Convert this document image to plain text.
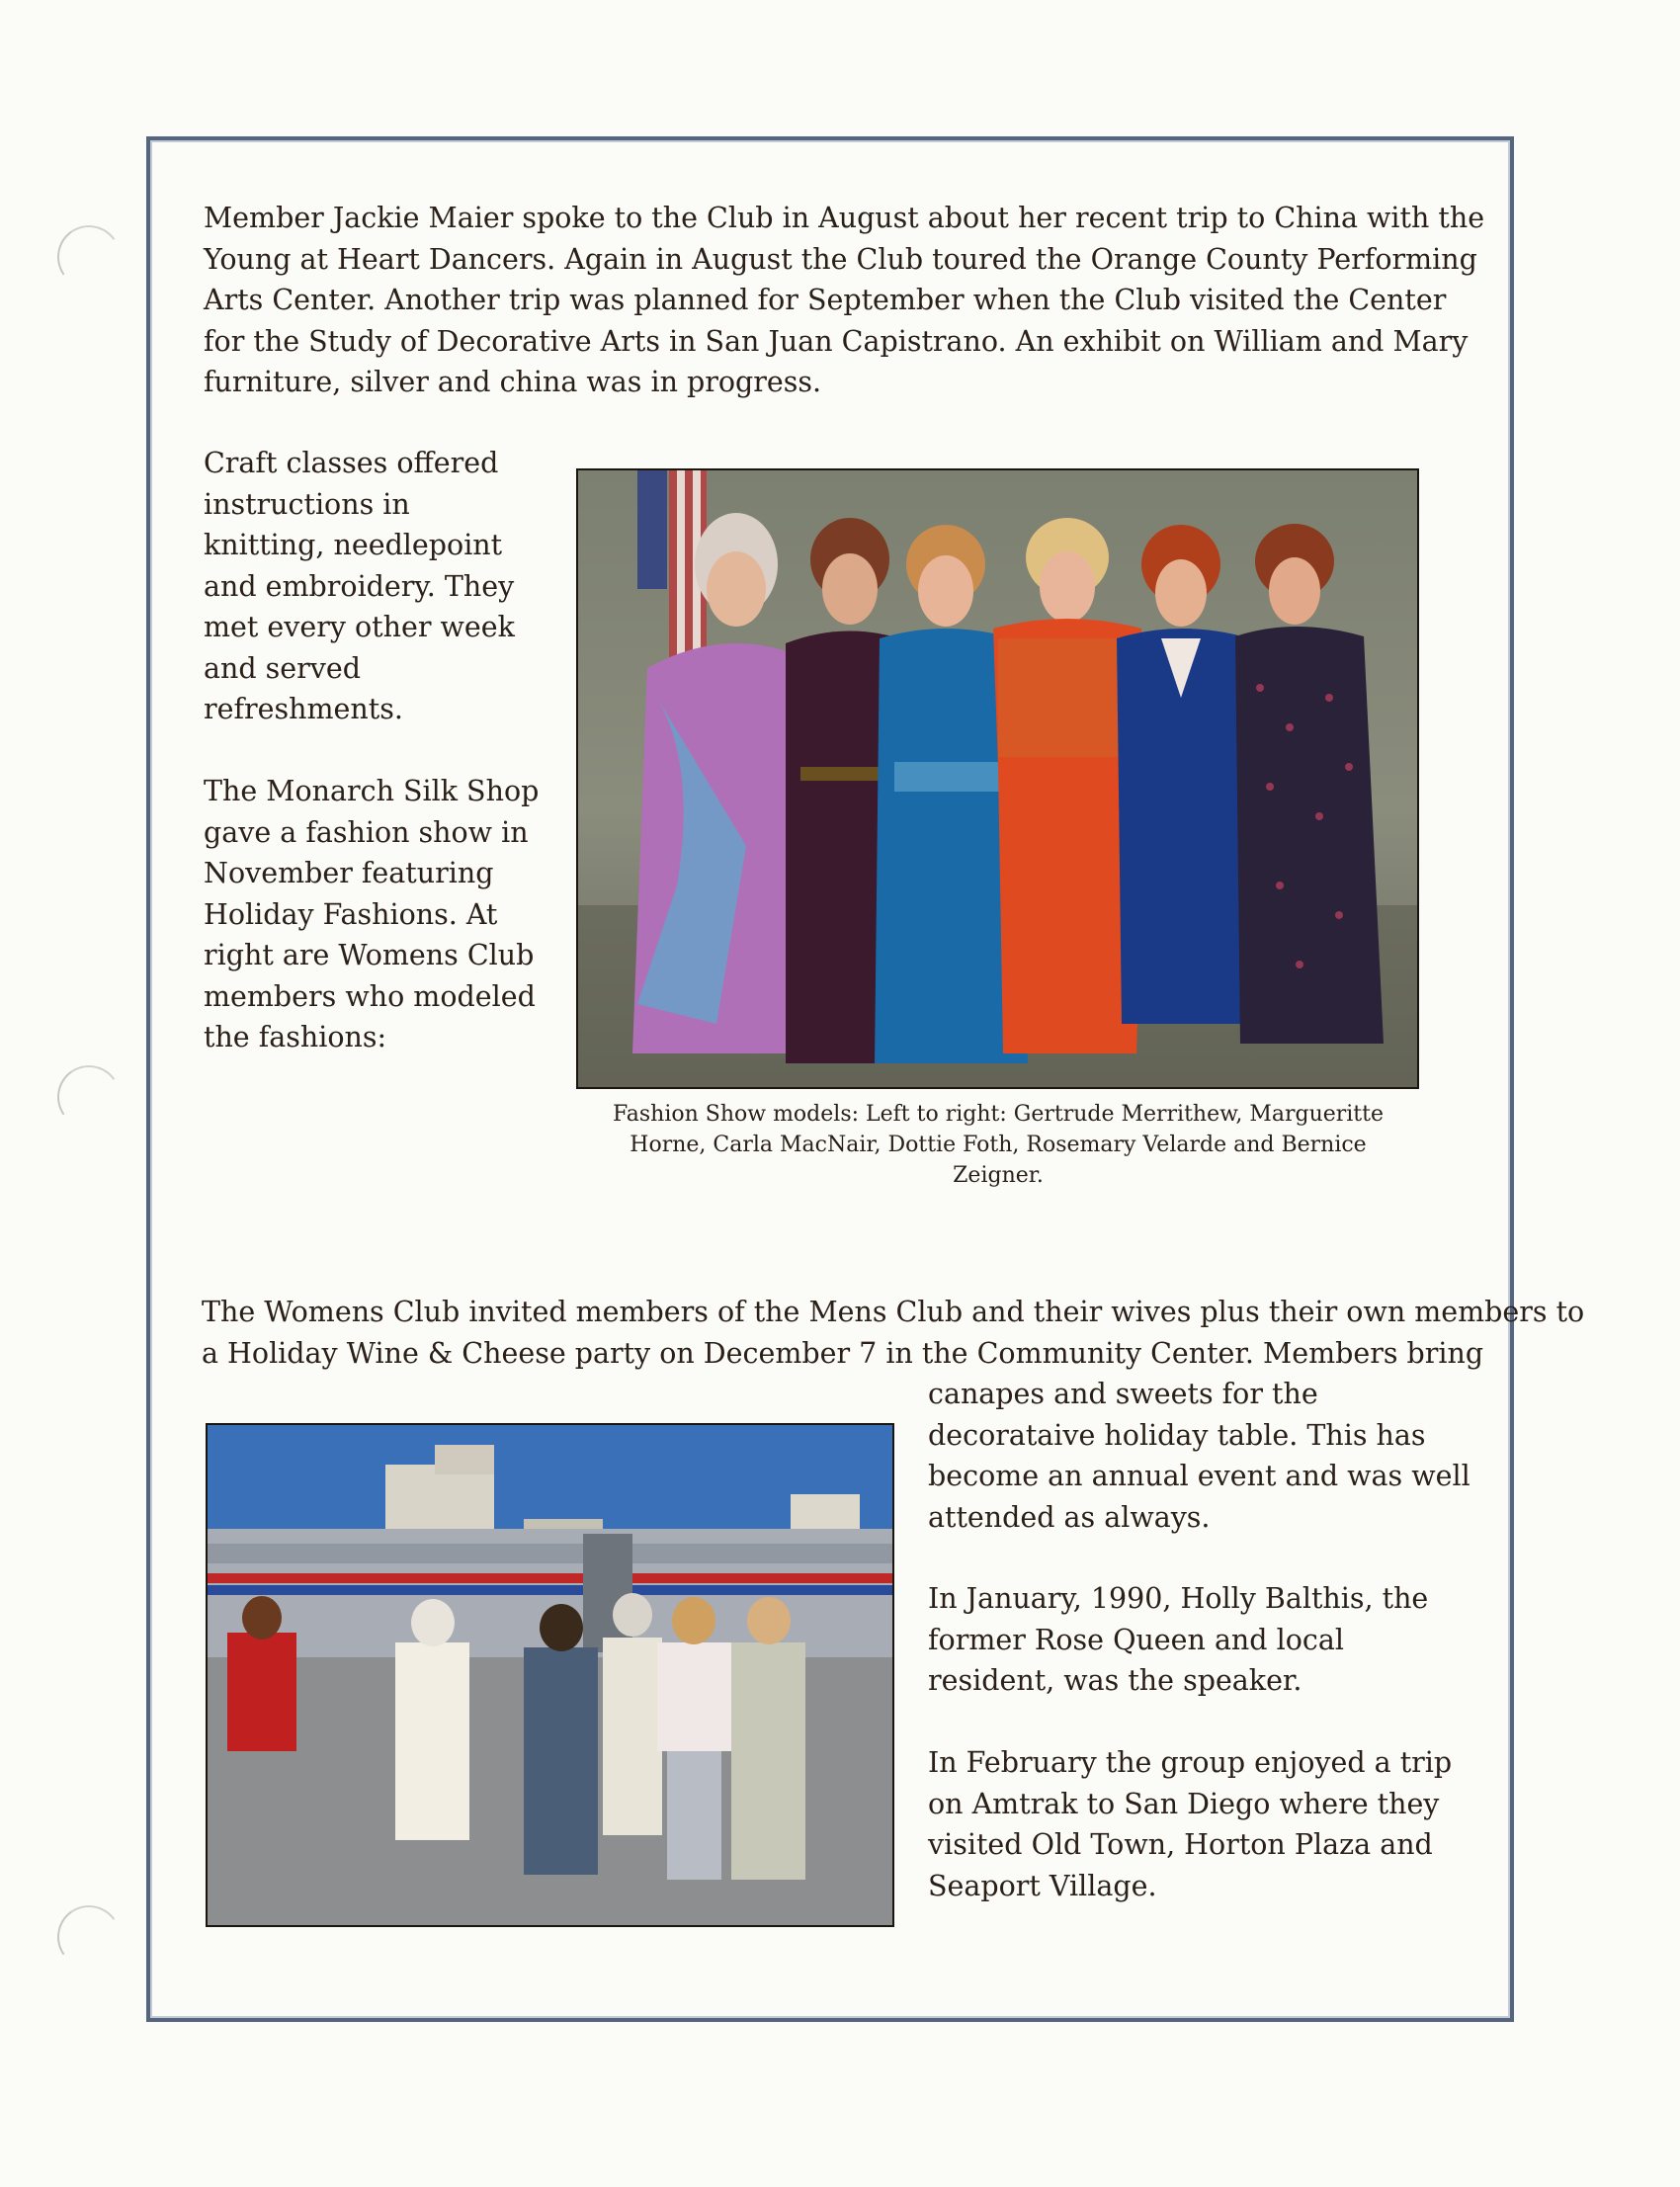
Member Jackie Maier spoke to the Club in August about her recent trip to China with the Young at Heart Dancers. Again in August the Club toured the Orange County Performing Arts Center. Another trip was planned for September when the Club visited the Center for the Study of Decorative Arts in San Juan Capistrano. An exhibit on William and Mary furniture, silver and china was in progress.

Craft classes offered instructions in knitting, needlepoint and embroidery. They met every other week and served refreshments.

The Monarch Silk Shop gave a fashion show in November featuring Holiday Fashions. At right are Womens Club members who modeled the fashions:

Fashion Show models: Left to right: Gertrude Merrithew, Margueritte Horne, Carla MacNair, Dottie Foth, Rosemary Velarde and Bernice Zeigner.

The Womens Club invited members of the Mens Club and their wives plus their own members to

a Holiday Wine & Cheese party on December 7 in the Community Center. Members bring

canapes and sweets for the decorataive holiday table. This has become an annual event and was well attended as always.

In January, 1990, Holly Balthis, the former Rose Queen and local resident, was the speaker.

In February the group enjoyed a trip on Amtrak to San Diego where they visited Old Town, Horton Plaza and Seaport Village.
